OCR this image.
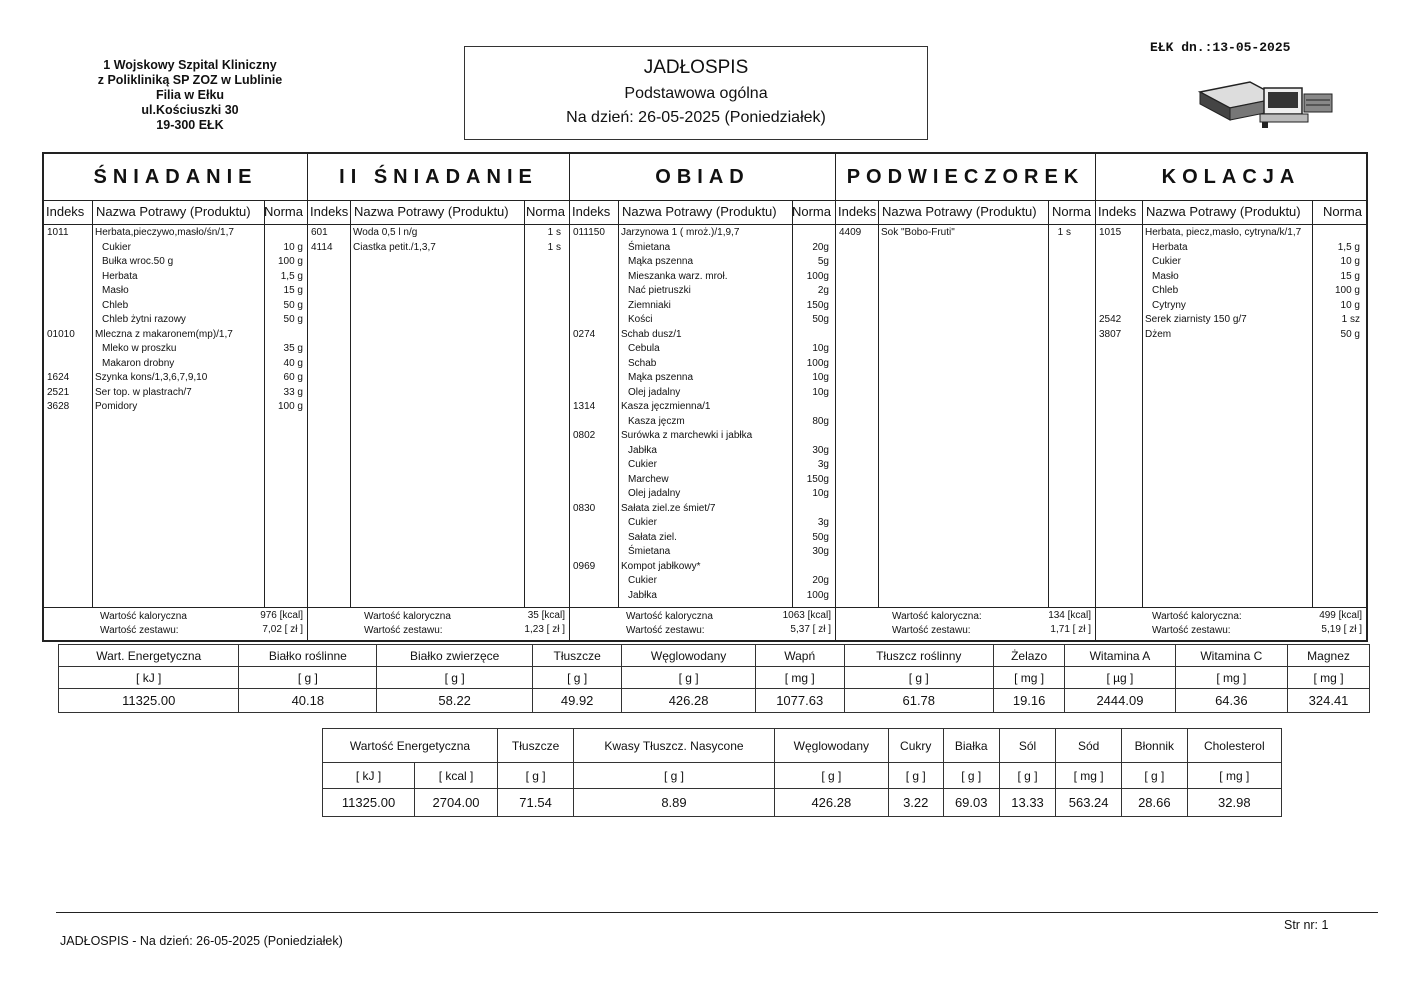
1 Wojskowy Szpital Kliniczny
z Polikliniką SP ZOZ w Lublinie
Filia w Ełku
ul.Kościuszki 30
19-300 EŁK
JADŁOSPIS
Podstawowa ogólna
Na dzień: 26-05-2025 (Poniedziałek)
EŁK dn.:13-05-2025
ŚNIADANIE
Indeks Nazwa Potrawy (Produktu) Norma
1011	Herbata,pieczywo,masło/śn/1,7
Cukier	10 g
Bułka wroc.50 g	100 g
Herbata	1,5 g
Masło	15 g
Chleb	50 g
Chleb żytni razowy	50 g
01010 Mleczna z makaronem(mp)/1,7
Mleko w proszku	35 g
Makaron drobny	40 g
1624	Szynka kons/1,3,6,7,9,10	60 g
2521	Ser top. w plastrach/7	33 g
3628	Pomidory	100 g
Wartość kaloryczna	976 [kcal]
Wartość zestawu:	7,02 [ zł ]
II ŚNIADANIE
Indeks Nazwa Potrawy (Produktu) Norma
601	Woda 0,5 l n/g	1 s
4114 Ciastka petit./1,3,7	1 s
Wartość kaloryczna	35 [kcal]
Wartość zestawu:	1,23 [ zł ]
OBIAD
Indeks Nazwa Potrawy (Produktu) Norma
011150 Jarzynowa 1 ( mroż.)/1,9,7
Śmietana	20g
Mąka pszenna	5g
Mieszanka warz. mroł.	100g
Nać pietruszki	2g
Ziemniaki	150g
Kości	50g
0274	Schab dusz/1
Cebula	10g
Schab	100g
Mąka pszenna	10g
Olej jadalny	10g
1314	Kasza jęczmienna/1
Kasza jęczm	80g
0802	Surówka z marchewki i jabłka
Jabłka	30g
Cukier	3g
Marchew	150g
Olej jadalny	10g
0830	Sałata ziel.ze śmiet/7
Cukier	3g
Sałata ziel.	50g
Śmietana	30g
0969	Kompot jabłkowy*
Cukier	20g
Jabłka	100g
Wartość kaloryczna	1063 [kcal]
Wartość zestawu:	5,37 [ zł ]
PODWIECZOREK
Indeks Nazwa Potrawy (Produktu) Norma
4409 Sok "Bobo-Fruti"	1 s
Wartość kaloryczna:	134 [kcal]
Wartość zestawu:	1,71 [ zł ]
KOLACJA
Indeks Nazwa Potrawy (Produktu) Norma
1015 Herbata, piecz,masło, cytryna/k/1,7
Herbata	1,5 g
Cukier	10 g
Masło	15 g
Chleb	100 g
Cytryny	10 g
2542 Serek ziarnisty 150 g/7	1 sz
3807 Dżem	50 g
Wartość kaloryczna:	499 [kcal]
Wartość zestawu:	5,19 [ zł ]
Wart. Energetyczna	Białko roślinne	Białko zwierzęce	Tłuszcze	Węglowodany	Wapń	Tłuszcz roślinny	Żelazo	Witamina A	Witamina C	Magnez
[ kJ ]	[ g ]	[ g ]	[ g ]	[ g ]	[ mg ]	[ g ]	[ mg ]	[ µg ]	[ mg ]	[ mg ]
11325.00	40.18	58.22	49.92	426.28	1077.63	61.78	19.16	2444.09	64.36	324.41
Wartość Energetyczna		Tłuszcze	Kwasy Tłuszcz. Nasycone	Węglowodany	Cukry	Białka	Sól	Sód	Błonnik	Cholesterol
[ kJ ]	[ kcal ]	[ g ]	[ g ]	[ g ]	[ g ]	[ g ]	[ g ]	[ mg ]	[ g ]	[ mg ]
11325.00	2704.00	71.54	8.89	426.28	3.22	69.03	13.33	563.24	28.66	32.98
JADŁOSPIS - Na dzień: 26-05-2025 (Poniedziałek)
Str nr: 1
